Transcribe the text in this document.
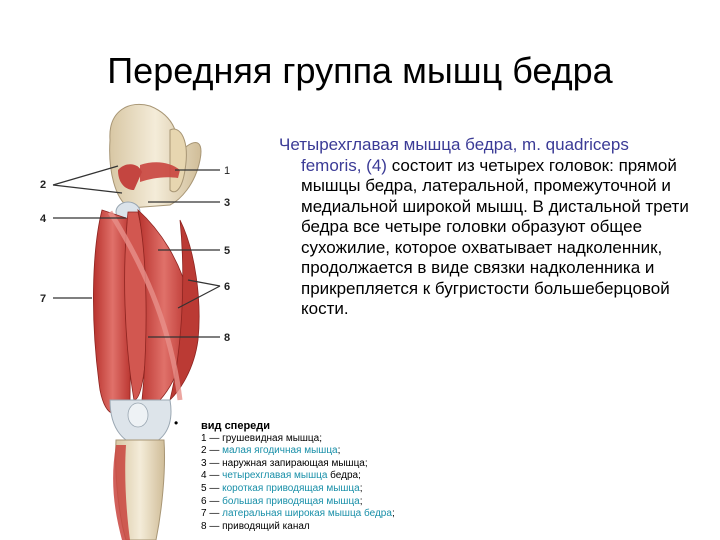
Передняя группа мышц бедра
1
2
3
4
5
6
7
8

Четырехглавая мышца бедра, m. quadriceps femoris, (4) состоит из четырех головок: прямой мышцы бедра, латеральной, промежуточной и медиальной широкой мышц. В дистальной трети бедра все четыре головки образуют общее сухожилие, которое охватывает надколенник, продолжается в виде связки надколенника и прикрепляется к бугристости большеберцовой кости.

• вид спереди
1 — грушевидная мышца;
2 — малая ягодичная мышца;
3 — наружная запирающая мышца;
4 — четырехглавая мышца бедра;
5 — короткая приводящая мышца;
6 — большая приводящая мышца;
7 — латеральная широкая мышца бедра;
8 — приводящий канал
